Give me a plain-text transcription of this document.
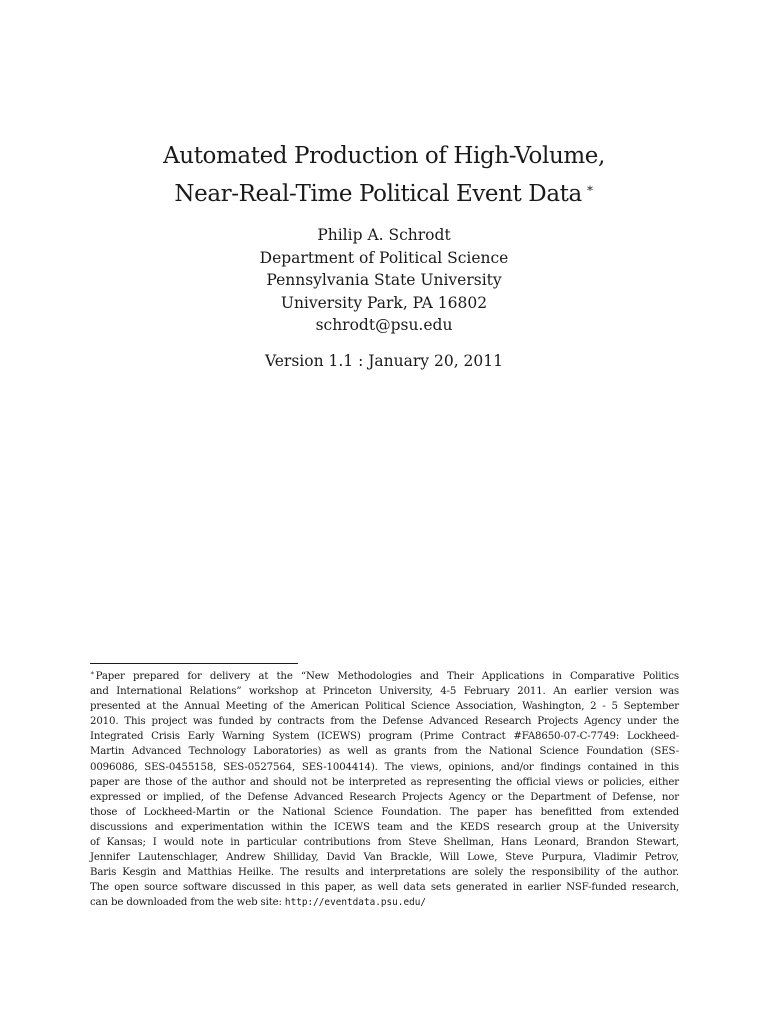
Automated Production of High-Volume,
Near-Real-Time Political Event Data ∗
Philip A. Schrodt
Department of Political Science
Pennsylvania State University
University Park, PA 16802
schrodt@psu.edu
Version 1.1 : January 20, 2011
∗Paper prepared for delivery at the “New Methodologies and Their Applications in Comparative Politics
and International Relations” workshop at Princeton University, 4-5 February 2011. An earlier version was
presented at the Annual Meeting of the American Political Science Association, Washington, 2 - 5 September
2010. This project was funded by contracts from the Defense Advanced Research Projects Agency under the
Integrated Crisis Early Warning System (ICEWS) program (Prime Contract #FA8650-07-C-7749: Lockheed-
Martin Advanced Technology Laboratories) as well as grants from the National Science Foundation (SES-
0096086, SES-0455158, SES-0527564, SES-1004414). The views, opinions, and/or findings contained in this
paper are those of the author and should not be interpreted as representing the official views or policies, either
expressed or implied, of the Defense Advanced Research Projects Agency or the Department of Defense, nor
those of Lockheed-Martin or the National Science Foundation. The paper has benefitted from extended
discussions and experimentation within the ICEWS team and the KEDS research group at the University
of Kansas; I would note in particular contributions from Steve Shellman, Hans Leonard, Brandon Stewart,
Jennifer Lautenschlager, Andrew Shilliday, David Van Brackle, Will Lowe, Steve Purpura, Vladimir Petrov,
Baris Kesgin and Matthias Heilke. The results and interpretations are solely the responsibility of the author.
The open source software discussed in this paper, as well data sets generated in earlier NSF-funded research,
can be downloaded from the web site: http://eventdata.psu.edu/
